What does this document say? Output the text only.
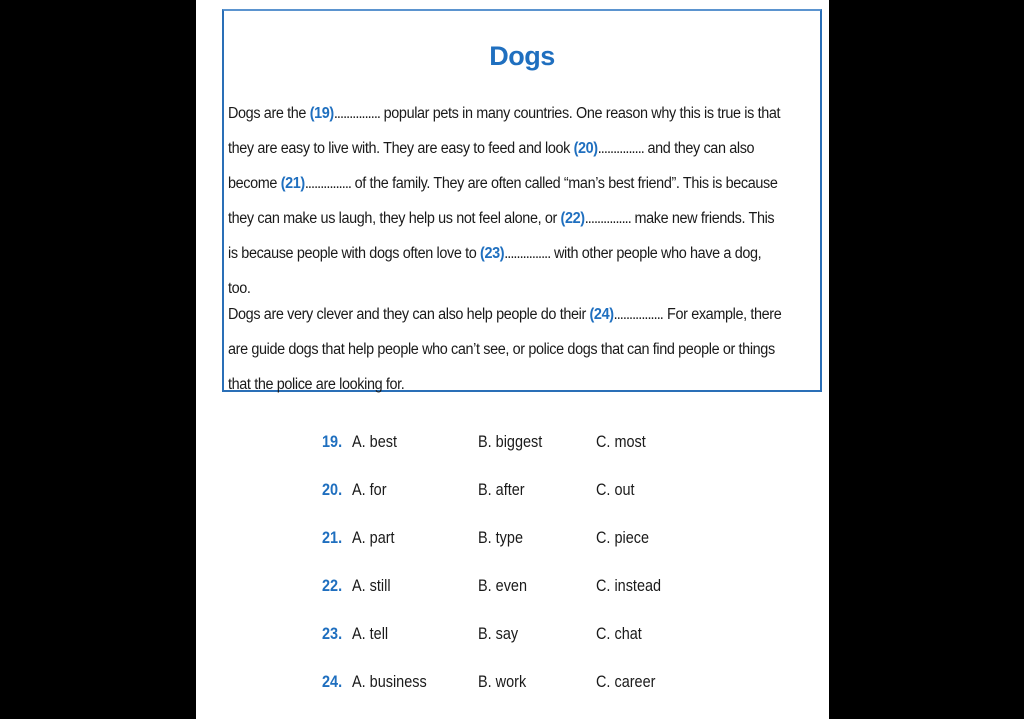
Dogs
Dogs are the (19)............... popular pets in many countries. One reason why this is true is that they are easy to live with. They are easy to feed and look (20)............... and they can also become (21)............... of the family. They are often called “man’s best friend”. This is because they can make us laugh, they help us not feel alone, or (22)............... make new friends. This is because people with dogs often love to (23)............... with other people who have a dog, too.
Dogs are very clever and they can also help people do their (24)................ For example, there are guide dogs that help people who can’t see, or police dogs that can find people or things that the police are looking for.
19. A. best	B. biggest	C. most
20. A. for	B. after	C. out
21. A. part	B. type	C. piece
22. A. still	B. even	C. instead
23. A. tell	B. say	C. chat
24. A. business	B. work	C. career
